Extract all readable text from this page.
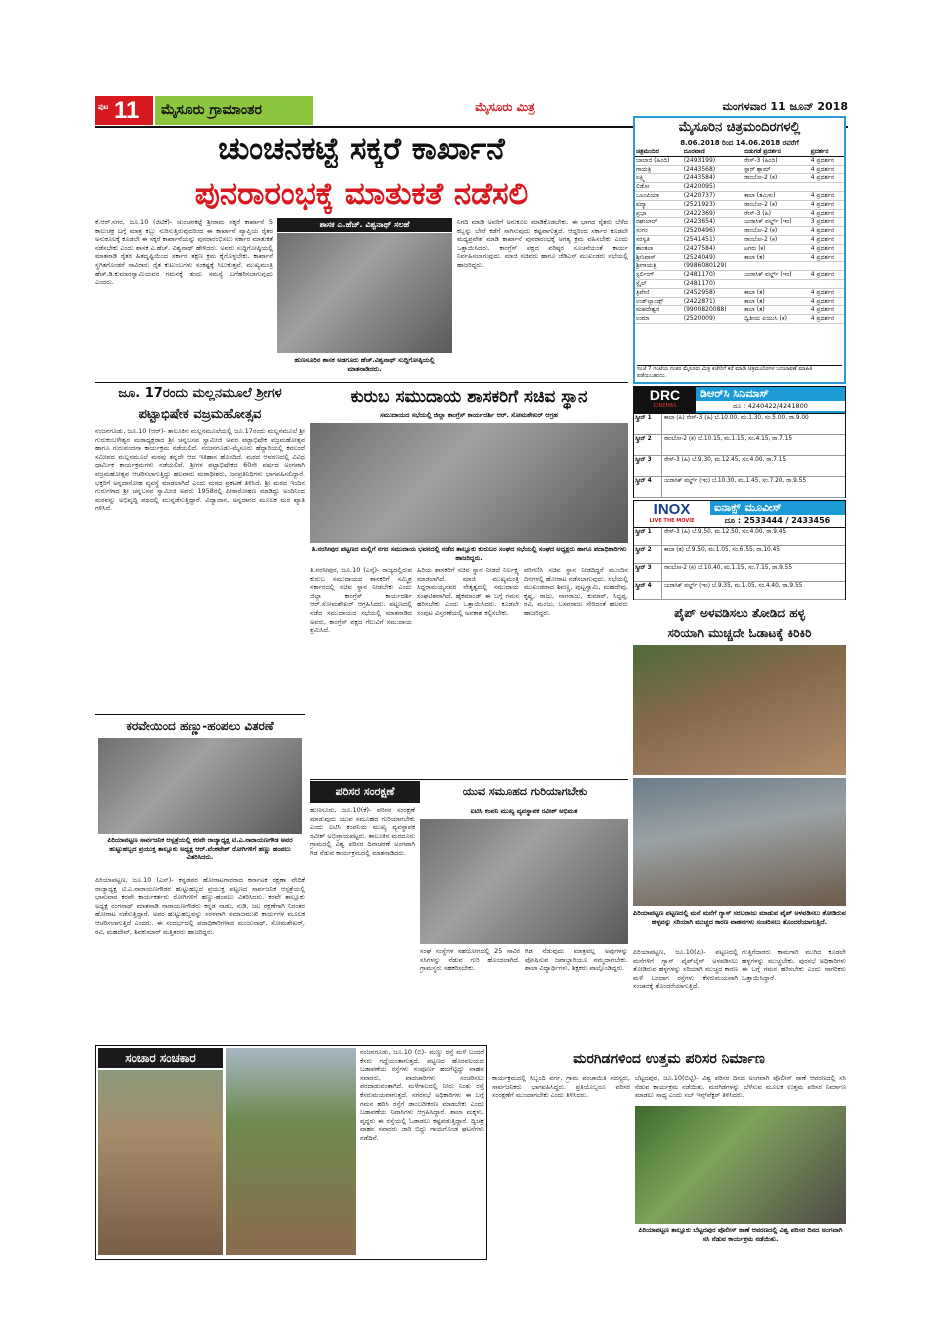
ಪುಟ 11	ಮೈಸೂರು ಗ್ರಾಮಾಂತರ	ಮೈಸೂರು ಮಿತ್ರ	ಮಂಗಳವಾರ 11 ಜೂನ್ 2018
ಚುಂಚನಕಟ್ಟೆ ಸಕ್ಕರೆ ಕಾರ್ಖಾನೆ
ಪುನರಾರಂಭಕ್ಕೆ ಮಾತುಕತೆ ನಡೆಸಲಿ
ಕೆ.ಆರ್.ನಗರ, ಜೂ.10 (ಜಿಟಿಕೆ)- ಚುಂಚನಕಟ್ಟೆ ಶ್ರೀರಾಮ ಸಕ್ಕರೆ ಕಾರ್ಖಾನೆ 5 ಕಾಲುಚಕ್ರ ಬಗ್ಗೆ ಮಾತ್ರ ಕಬ್ಬು ನುರಿಸುತ್ತಿರುವುದರಿಂದ ಈ ಕಾರ್ಖಾನೆ ವ್ಯಾಪ್ತಿಯ ರೈತರ ಅನುಕೂಲಕ್ಕೆ ಕೂಡಲೇ ಈ ಸಕ್ಕರೆ ಕಾರ್ಖಾನೆಯನ್ನು ಪುನರಾರಂಭಿಸಲು ಸರ್ಕಾರ ಮಾತುಕತೆ ನಡೆಸಬೇಕು ಎಂದು ಶಾಸಕ ಎ.ಹೆಚ್. ವಿಶ್ವನಾಥ್ ಹೇಳಿದರು. ಅವರು ಸುದ್ದಿಗೋಷ್ಠಿಯಲ್ಲಿ ಮಾತನಾಡಿ ರೈತರ ಹಿತದೃಷ್ಟಿಯಿಂದ ಸರ್ಕಾರ ತಕ್ಷಣ ಕ್ರಮ ಕೈಗೊಳ್ಳಬೇಕು. ಕಾರ್ಖಾನೆ ಸ್ಥಗಿತಗೊಂಡರೆ ಸಾವಿರಾರು ರೈತ ಕುಟುಂಬಗಳು ಸಂಕಷ್ಟಕ್ಕೆ ಸಿಲುಕುತ್ತವೆ. ಮುಖ್ಯಮಂತ್ರಿ ಹೆಚ್.ಡಿ.ಕುಮಾರಸ್ವಾಮಿಯವರ ಗಮನಕ್ಕೆ ತಂದು ಸಮಸ್ಯೆ ಬಗೆಹರಿಸಲಾಗುವುದು ಎಂದರು.
ಶಾಸಕ ಎ.ಹೆಚ್. ವಿಶ್ವನಾಥ್ ಸಲಹೆ
ಹುಣಸೂರಿನ ಶಾಸಕ ಅಡಗೂರು ಹೆಚ್.ವಿಶ್ವನಾಥ್ ಸುದ್ದಿಗೋಷ್ಠಿಯಲ್ಲಿ ಮಾತನಾಡಿದರು.
ನಿಗದಿ ಮಾಡಿ ಅವರಿಗೆ ಅನುಕೂಲ ಮಾಡಿಕೊಡಬೇಕು. ಈ ಭಾಗದ ರೈತರು ಬೆಳೆದ ಕಬ್ಬನ್ನು ಬೇರೆ ಕಡೆಗೆ ಸಾಗಿಸುವುದು ಕಷ್ಟವಾಗುತ್ತದೆ. ಆದ್ದರಿಂದ ಸರ್ಕಾರ ಕೂಡಲೇ ಮಧ್ಯಪ್ರವೇಶ ಮಾಡಿ ಕಾರ್ಖಾನೆ ಪುನರಾರಂಭಕ್ಕೆ ಅಗತ್ಯ ಕ್ರಮ ವಹಿಸಬೇಕು ಎಂದು ಒತ್ತಾಯಿಸಿದರು. ಕಾಂಗ್ರೆಸ್ ಪಕ್ಷದ ವರಿಷ್ಠರ ಸೂಚನೆಯಂತೆ ಕಾರ್ಯ ನಿರ್ವಹಿಸಲಾಗುವುದು. ಮಾಜಿ ಸಚಿವರು ಹಾಗೂ ಜೆಡಿಎಸ್ ಮುಖಂಡರು ಸಭೆಯಲ್ಲಿ ಹಾಜರಿದ್ದರು.
ಮೈಸೂರಿನ ಚಿತ್ರಮಂದಿರಗಳಲ್ಲಿ
8.06.2018 ರಿಂದ 14.06.2018 ರವರೆಗೆ
ಚಿತ್ರಮಂದಿರ	ದೂರವಾಣಿ	ಬಿಡುಗಡೆ ಪ್ರದರ್ಶನ	ಪ್ರದರ್ಶನ
ಬಾಲಾಜಿ (ಹಿಂದಿ)	(2493199)	ರೇಸ್-3 (ಹಿಂದಿ)	4 ಪ್ರದರ್ಶನ
ಗಾಯತ್ರಿ	(2443568)	ಸ್ಟಾರ್ ಶ್ಯಾಮ್	4 ಪ್ರದರ್ಶನ
ಲಕ್ಷ್ಮಿ	(2443584)	ರಾಂಬೋ-2 (ಕ)	4 ಪ್ರದರ್ಶನ
ಲಿಡೋ	(2420095)		
ಒಲಂಪಿಯಾ	(2420737)	ಕಾಲಾ (ತಮಿಳು)	4 ಪ್ರದರ್ಶನ
ಪದ್ಮಾ	(2521923)	ರಾಂಬೋ-2 (ಕ)	4 ಪ್ರದರ್ಶನ
ಪ್ರಭಾ	(2422369)	ರೇಸ್-3 (ಹಿ)	4 ಪ್ರದರ್ಶನ
ರಘುಲಾಲ್	(2423654)	ಜುರಾಸಿಕ್ ವರ್ಲ್ಡ್ (ಇಂ)	3 ಪ್ರದರ್ಶನ
ಸಂಗಂ	(2520496)	ರಾಂಬೋ-2 (ಕ)	4 ಪ್ರದರ್ಶನ
ಸರಸ್ವತಿ	(2541451)	ರಾಂಬೋ-2 (ಕ)	4 ಪ್ರದರ್ಶನ
ಶಾಂತಲಾ	(2427584)	ಟಗರು (ಕ)	4 ಪ್ರದರ್ಶನ
ಶ್ರೀನಿವಾಸ್	(2524049)	ಕಾಲಾ (ತ)	4 ಪ್ರದರ್ಶನ
ಶ್ರೀಗಾಯತ್ರಿ	(9986080129)		
ಸ್ಟರ್ಲಿಂಗ್	(2481170)	ಜುರಾಸಿಕ್ ವರ್ಲ್ಡ್ (ಇಂ)	4 ಪ್ರದರ್ಶನ
ಸ್ಟೈಲ್	(2481170)		
ತ್ರಿವೇಣಿ	(2452958)	ಕಾಲಾ (ತ)	4 ಪ್ರದರ್ಶನ
ಉಡ್‌ಲ್ಯಾಂಡ್ಸ್	(2422871)	ಕಾಲಾ (ತ)	4 ಪ್ರದರ್ಶನ
ಮಹದೇಶ್ವರ	(9900820088)	ಕಾಲಾ (ತ)	4 ಪ್ರದರ್ಶನ
ಉಮಾ	(2520009)	ದ್ವಿತೀಯ ಪಿಯುಸಿ (ಕ)	4 ಪ್ರದರ್ಶನ
ಸಂಜೆ 7 ಗಂಟೆಯ ನಂತರ ಮೈಸೂರು ಮಿತ್ರ ಕಚೇರಿಗೆ ಕರೆ ಮಾಡಿ ಚಿತ್ರಮಂದಿರಗಳ ಬದಲಾವಣೆ ಮಾಹಿತಿ ಪಡೆಯಬಹುದು.
DRC
CINEMAS
ಡಿಆರ್‌ಸಿ ಸಿನಿಮಾಸ್
ದೂ : 4240422/4241800
ಸ್ಕ್ರೀನ್ 1	ಕಾಲಾ (ಹಿ) ರೇಸ್-3 (ಹಿ) ಬೆ.10.00, ಮ.1.30, ಸಂ.5.00, ರಾ.9.00
ಸ್ಕ್ರೀನ್ 2	ರಾಂಬೋ-2 (ಕ) ಬೆ.10.15, ಮ.1.15, ಸಂ.4.15, ರಾ.7.15
ಸ್ಕ್ರೀನ್ 3	ರೇಸ್-3 (ಹಿ) ಬೆ.9.30, ಮ.12.45, ಸಂ.4.00, ರಾ.7.15
ಸ್ಕ್ರೀನ್ 4	ಜುರಾಸಿಕ್ ವರ್ಲ್ಡ್ (ಇಂ) ಬೆ.10.30, ಮ.1.45, ಸಂ.7.20, ರಾ.9.55
INOX
LIVE THE MOVIE
ಐನಾಕ್ಸ್ ಮೂವೀಸ್
ದೂ : 2533444 / 2433456
ಸ್ಕ್ರೀನ್ 1	ರೇಸ್-3 (ಹಿ) ಬೆ.9.50, ಮ.12.50, ಸಂ.4.00, ರಾ.9.45
ಸ್ಕ್ರೀನ್ 2	ಕಾಲಾ (ತ) ಬೆ.9.50, ಮ.1.05, ಸಂ.6.55, ರಾ.10.45
ಸ್ಕ್ರೀನ್ 3	ರಾಂಬೋ-2 (ಕ) ಬೆ.10.40, ಮ.1.15, ಸಂ.7.15, ರಾ.9.55
ಸ್ಕ್ರೀನ್ 4	ಜುರಾಸಿಕ್ ವರ್ಲ್ಡ್ (ಇಂ) ಬೆ.9.35, ಮ.1.05, ಸಂ.4.40, ರಾ.9.55
ಜೂ. 17ರಂದು ಮಲ್ಲನಮೂಲೆ ಶ್ರೀಗಳ
ಪಟ್ಟಾಭಿಷೇಕ ವಜ್ರಮಹೋತ್ಸವ
ನಂಜನಗೂಡು, ಜೂ.10 (ಆರ್)- ತಾಲೂಕಿನ ಮಲ್ಲನಮೂಲೆಯಲ್ಲಿ ಜೂ.17ರಂದು ಮಲ್ಲನಮೂಲೆ ಶ್ರೀ ಗುರುಕಂಬಳೇಶ್ವರ ಮಠಾಧ್ಯಕ್ಷರಾದ ಶ್ರೀ ಚನ್ನಬಸವ ಸ್ವಾಮೀಜಿ ಅವರ ಪಟ್ಟಾಭಿಷೇಕ ವಜ್ರಮಹೋತ್ಸವ ಹಾಗೂ ಗುರುವಂದನಾ ಕಾರ್ಯಕ್ರಮ ನಡೆಯಲಿದೆ. ನಂಜನಗೂಡು-ಮೈಸೂರು ಹೆದ್ದಾರಿಯಲ್ಲಿ ಕವಲಂದೆ ಸಮೀಪದ ಮಲ್ಲನಮೂಲೆ ಮಠವು ತನ್ನದೇ ಆದ ಇತಿಹಾಸ ಹೊಂದಿದೆ. ಮಠದ ಆವರಣದಲ್ಲಿ ವಿವಿಧ ಧಾರ್ಮಿಕ ಕಾರ್ಯಕ್ರಮಗಳು ನಡೆಯಲಿವೆ. ಶ್ರೀಗಳ ಪಟ್ಟಾಭಿಷೇಕದ 60ನೇ ವರ್ಷದ ಅಂಗವಾಗಿ ವಜ್ರಮಹೋತ್ಸವ ಆಚರಿಸಲಾಗುತ್ತಿದ್ದು ಹಲವಾರು ಮಠಾಧೀಶರು, ಜನಪ್ರತಿನಿಧಿಗಳು ಭಾಗವಹಿಸಲಿದ್ದಾರೆ. ಭಕ್ತರಿಗೆ ಅನ್ನದಾಸೋಹ ವ್ಯವಸ್ಥೆ ಮಾಡಲಾಗಿದೆ ಎಂದು ಮಠದ ಪ್ರಕಟಣೆ ತಿಳಿಸಿದೆ. ಶ್ರೀ ಮಠದ ಇಂದಿನ ಗುರುಗಳಾದ ಶ್ರೀ ಚನ್ನಬಸವ ಸ್ವಾಮೀಜಿ ಅವರು 1958ರಲ್ಲಿ ಪೀಠಾರೋಹಣ ಮಾಡಿದ್ದು ಅಂದಿನಿಂದ ಮಠವನ್ನು ಅಭಿವೃದ್ಧಿ ಪಥದಲ್ಲಿ ಮುನ್ನಡೆಸುತ್ತಿದ್ದಾರೆ. ವಿದ್ಯಾದಾನ, ಅನ್ನದಾನದ ಮೂಲಕ ಮಠ ಖ್ಯಾತಿ ಗಳಿಸಿದೆ.
ಕರವೇಯಿಂದ ಹಣ್ಣು-ಹಂಪಲು ವಿತರಣೆ
ಪಿರಿಯಾಪಟ್ಟಣ ಸಾರ್ವಜನಿಕ ಆಸ್ಪತ್ರೆಯಲ್ಲಿ ಕರವೇ ರಾಜ್ಯಾಧ್ಯಕ್ಷ ಟಿ.ಎ.ನಾರಾಯಣಗೌಡ ಅವರ ಹುಟ್ಟುಹಬ್ಬದ ಪ್ರಯುಕ್ತ ತಾಲ್ಲೂಕು ಅಧ್ಯಕ್ಷ ಆರ್.ವೆಂಕಟೇಶ್ ರೋಗಿಗಳಿಗೆ ಹಣ್ಣು ಹಂಪಲು ವಿತರಿಸಿದರು.
ಪಿರಿಯಾಪಟ್ಟಣ, ಜೂ.10 (ಎಸ್)- ಕನ್ನಡಪರ ಹೋರಾಟಗಾರರಾದ ಕರ್ನಾಟಕ ರಕ್ಷಣಾ ವೇದಿಕೆ ರಾಜ್ಯಾಧ್ಯಕ್ಷ ಟಿ.ಎ.ನಾರಾಯಣಗೌಡರ ಹುಟ್ಟುಹಬ್ಬದ ಪ್ರಯುಕ್ತ ಪಟ್ಟಣದ ಸಾರ್ವಜನಿಕ ಆಸ್ಪತ್ರೆಯಲ್ಲಿ ಭಾನುವಾರ ಕರವೇ ಕಾರ್ಯಕರ್ತರು ರೋಗಿಗಳಿಗೆ ಹಣ್ಣು-ಹಂಪಲು ವಿತರಿಸಿದರು. ಕರವೇ ತಾಲ್ಲೂಕು ಅಧ್ಯಕ್ಷ ರಂಗನಾಥ್ ಮಾತನಾಡಿ ನಾರಾಯಣಗೌಡರು ಕನ್ನಡ ನಾಡು, ನುಡಿ, ಜಲ ರಕ್ಷಣೆಗಾಗಿ ನಿರಂತರ ಹೋರಾಟ ನಡೆಸುತ್ತಿದ್ದಾರೆ. ಅವರ ಹುಟ್ಟುಹಬ್ಬವನ್ನು ಸರಳವಾಗಿ ಸಮಾಜಮುಖಿ ಕಾರ್ಯಗಳ ಮೂಲಕ ಆಚರಿಸಲಾಗುತ್ತಿದೆ ಎಂದರು. ಈ ಸಂದರ್ಭದಲ್ಲಿ ಪದಾಧಿಕಾರಿಗಳಾದ ಮಂಜುನಾಥ್, ಸೋಮಶೇಖರ್, ರವಿ, ಮಹದೇವ್, ಶಿವಕುಮಾರ್ ಮತ್ತಿತರರು ಹಾಜರಿದ್ದರು.
ಕುರುಬ ಸಮುದಾಯ ಶಾಸಕರಿಗೆ ಸಚಿವ ಸ್ಥಾನ
ಸಮುದಾಯದ ಸಭೆಯಲ್ಲಿ ಜಿಲ್ಲಾ ಕಾಂಗ್ರೆಸ್ ಕಾರ್ಯದರ್ಶಿ ಆರ್. ಸೋಮಶೇಖರ್ ಆಗ್ರಹ
ತಿ.ನರಸೀಪುರ ಪಟ್ಟಣದ ಮಲ್ಲಿಗೆ ನಗರ ಸಮುದಾಯ ಭವನದಲ್ಲಿ ನಡೆದ ತಾಲ್ಲೂಕು ಕುರುಬರ ಸಂಘದ ಸಭೆಯಲ್ಲಿ ಸಂಘದ ಅಧ್ಯಕ್ಷರು ಹಾಗೂ ಪದಾಧಿಕಾರಿಗಳು ಹಾಜರಿದ್ದರು.
ತಿ.ನರಸೀಪುರ, ಜೂ.10 (ಎನ್ಕೆ)- ರಾಜ್ಯದಲ್ಲಿರುವ ಕುರುಬ ಸಮುದಾಯದ ಶಾಸಕರಿಗೆ ಸಮ್ಮಿಶ್ರ ಸರ್ಕಾರದಲ್ಲಿ ಸಚಿವ ಸ್ಥಾನ ನೀಡಬೇಕು ಎಂದು ಜಿಲ್ಲಾ ಕಾಂಗ್ರೆಸ್ ಕಾರ್ಯದರ್ಶಿ ಆರ್.ಸೋಮಶೇಖರ್ ಆಗ್ರಹಿಸಿದರು. ಪಟ್ಟಣದಲ್ಲಿ ನಡೆದ ಸಮುದಾಯದ ಸಭೆಯಲ್ಲಿ ಮಾತನಾಡಿದ ಅವರು, ಕಾಂಗ್ರೆಸ್ ಪಕ್ಷದ ಗೆಲುವಿಗೆ ಸಮುದಾಯ ಶ್ರಮಿಸಿದೆ.
ಹಿರಿಯ ಶಾಸಕರಿಗೆ ಸಚಿವ ಸ್ಥಾನ ನೀಡದೆ ನಿರ್ಲಕ್ಷ್ಯ ಮಾಡಲಾಗಿದೆ. ಮಾಜಿ ಮುಖ್ಯಮಂತ್ರಿ ಸಿದ್ದರಾಮಯ್ಯನವರ ನೇತೃತ್ವದಲ್ಲಿ ಸಮುದಾಯ ಸಂಘಟಿತವಾಗಿದೆ. ಹೈಕಮಾಂಡ್ ಈ ಬಗ್ಗೆ ಗಮನ ಹರಿಸಬೇಕು ಎಂದು ಒತ್ತಾಯಿಸಿದರು. ಕೂಡಲೇ ಸಂಪುಟ ವಿಸ್ತರಣೆಯಲ್ಲಿ ಅವಕಾಶ ಕಲ್ಪಿಸಬೇಕು.
ಪರಿಗಣಿಸಿ ಸಚಿವ ಸ್ಥಾನ ನೀಡದಿದ್ದರೆ ಮುಂದಿನ ದಿನಗಳಲ್ಲಿ ಹೋರಾಟ ನಡೆಸಲಾಗುವುದು. ಸಭೆಯಲ್ಲಿ ಮುಖಂಡರಾದ ಶಿವಣ್ಣ, ಪುಟ್ಟಸ್ವಾಮಿ, ಮಹದೇವು, ಕೃಷ್ಣ, ರಾಜು, ನಾಗರಾಜು, ಕುಮಾರ್, ಸಿದ್ದಪ್ಪ, ರವಿ, ಮಂಜು, ಬಸವರಾಜು ಸೇರಿದಂತೆ ಹಲವರು ಹಾಜರಿದ್ದರು.
ಪರಿಸರ ಸಂರಕ್ಷಣೆ	ಯುವ ಸಮೂಹದ ಗುರಿಯಾಗಬೇಕು
ಹುಣಸೂರು, ಜೂ.10(ಕೆ)- ಪರಿಸರ ಸಂರಕ್ಷಣೆ ಮಾಡುವುದು ಯುವ ಸಮೂಹದ ಗುರಿಯಾಗಬೇಕು ಎಂದು ಐಟಿಸಿ ಕಂಪನಿಯ ಮುಖ್ಯ ವ್ಯವಸ್ಥಾಪಕ ರವೀಶ್ ಅಭಿಪ್ರಾಯಪಟ್ಟರು. ತಾಲೂಕಿನ ಮರದೂರು ಗ್ರಾಮದಲ್ಲಿ ವಿಶ್ವ ಪರಿಸರ ದಿನಾಚರಣೆ ಅಂಗವಾಗಿ ಗಿಡ ನೆಡುವ ಕಾರ್ಯಕ್ರಮದಲ್ಲಿ ಮಾತನಾಡಿದರು.
ಐಟಿಸಿ ಕಂಪನಿ ಮುಖ್ಯ ವ್ಯವಸ್ಥಾಪಕ ರವೀಶ್ ಅಭಿಮತ
ಸಂಘ ಸಂಸ್ಥೆಗಳ ಸಹಯೋಗದಲ್ಲಿ 25 ಸಾವಿರ ಸಸಿಗಳನ್ನು ನೆಡುವ ಗುರಿ ಹೊಂದಲಾಗಿದೆ. ಗ್ರಾಮಸ್ಥರು ಸಹಕರಿಸಬೇಕು.
ಗಿಡ ನೆಡುವುದು ಮಾತ್ರವಲ್ಲ ಅವುಗಳನ್ನು ಪೋಷಿಸುವ ಜವಾಬ್ದಾರಿಯೂ ನಮ್ಮದಾಗಬೇಕು. ಶಾಲಾ ವಿದ್ಯಾರ್ಥಿಗಳು, ಶಿಕ್ಷಕರು ಪಾಲ್ಗೊಂಡಿದ್ದರು.
ಪೈಪ್ ಅಳವಡಿಸಲು ತೋಡಿದ ಹಳ್ಳ
ಸರಿಯಾಗಿ ಮುಚ್ಚದೇ ಓಡಾಟಕ್ಕೆ ಕಿರಿಕಿರಿ
ಪಿರಿಯಾಪಟ್ಟಣ ಪಟ್ಟಣದಲ್ಲಿ ಮನೆ ಮನೆಗೆ ಗ್ಯಾಸ್ ಸರಬರಾಜು ಮಾಡುವ ಪೈಪ್ ಅಳವಡಿಸಲು ತೋಡಿರುವ ಹಳ್ಳವನ್ನು ಸರಿಯಾಗಿ ಮುಚ್ಚದ ಕಾರಣ ವಾಹನಗಳು ಸಂಚರಿಸಲು ತೊಂದರೆಯಾಗುತ್ತಿದೆ.
ಪಿರಿಯಾಪಟ್ಟಣ, ಜೂ.10(ಪಿ)- ಪಟ್ಟಣದಲ್ಲಿ ಮನೆಗಳಿಗೆ ಗ್ಯಾಸ್ ಪೈಪ್‌ಲೈನ್ ಅಳವಡಿಸಲು ತೋಡಿರುವ ಹಳ್ಳಗಳನ್ನು ಸರಿಯಾಗಿ ಮುಚ್ಚದ ಕಾರಣ ಮಳೆ ಬಂದಾಗ ರಸ್ತೆಗಳು ಕೆಸರುಮಯವಾಗಿ ಸಂಚಾರಕ್ಕೆ ತೊಂದರೆಯಾಗುತ್ತಿದೆ.
ಗುತ್ತಿಗೆದಾರರು ಕಾಮಗಾರಿ ಮುಗಿದ ಕೂಡಲೇ ಹಳ್ಳಗಳನ್ನು ಮುಚ್ಚಬೇಕು. ಪುರಸಭೆ ಅಧಿಕಾರಿಗಳು ಈ ಬಗ್ಗೆ ಗಮನ ಹರಿಸಬೇಕು ಎಂದು ನಾಗರಿಕರು ಒತ್ತಾಯಿಸಿದ್ದಾರೆ.
ಸಂಚಾರ ಸಂಚಕಾರ	ನಂಜನಗೂಡು, ಜೂ.10 (ಬಿ)- ಮಣ್ಣು ರಸ್ತೆ ಮಳೆ ಬಂದರೆ ಕೆಸರು ಗದ್ದೆಯಂತಾಗುತ್ತದೆ. ಪಟ್ಟಣದ ಹೊರವಲಯದ ಬಡಾವಣೆಯ ರಸ್ತೆಗಳು ಸಂಪೂರ್ಣ ಹದಗೆಟ್ಟಿದ್ದು ವಾಹನ ಸವಾರರು, ಪಾದಚಾರಿಗಳು ಸಂಚರಿಸಲು ಪರದಾಡುವಂತಾಗಿದೆ. ಮಳೆಗಾಲದಲ್ಲಿ ನೀರು ನಿಂತು ರಸ್ತೆ ಕೆಸರುಮಯವಾಗುತ್ತದೆ. ನಗರಸಭೆ ಅಧಿಕಾರಿಗಳು ಈ ಬಗ್ಗೆ ಗಮನ ಹರಿಸಿ ರಸ್ತೆಗೆ ಡಾಂಬರೀಕರಣ ಮಾಡಬೇಕು ಎಂದು ಬಡಾವಣೆಯ ನಿವಾಸಿಗಳು ಆಗ್ರಹಿಸಿದ್ದಾರೆ. ಶಾಲಾ ಮಕ್ಕಳು, ವೃದ್ಧರು ಈ ರಸ್ತೆಯಲ್ಲಿ ಓಡಾಡಲು ಕಷ್ಟಪಡುತ್ತಿದ್ದಾರೆ. ದ್ವಿಚಕ್ರ ವಾಹನ ಸವಾರರು ಜಾರಿ ಬಿದ್ದು ಗಾಯಗೊಂಡ ಘಟನೆಗಳು ನಡೆದಿವೆ.
ಮರಗಿಡಗಳಿಂದ ಉತ್ತಮ ಪರಿಸರ ನಿರ್ಮಾಣ
ಬೆಟ್ಟದಪುರ, ಜೂ.10(ಬಿಟ್ಟಿ)- ವಿಶ್ವ ಪರಿಸರ ದಿನದ ಅಂಗವಾಗಿ ಪೊಲೀಸ್ ಠಾಣೆ ಆವರಣದಲ್ಲಿ ಸಸಿ ನೆಡುವ ಕಾರ್ಯಕ್ರಮ ನಡೆಯಿತು. ಮರಗಿಡಗಳನ್ನು ಬೆಳೆಸುವ ಮೂಲಕ ಉತ್ತಮ ಪರಿಸರ ನಿರ್ಮಾಣ ಮಾಡಲು ಸಾಧ್ಯ ಎಂದು ಸಬ್ ಇನ್ಸ್‌ಪೆಕ್ಟರ್ ತಿಳಿಸಿದರು.
ಪಿರಿಯಾಪಟ್ಟಣ ತಾಲ್ಲೂಕು ಬೆಟ್ಟದಪುರ ಪೊಲೀಸ್ ಠಾಣೆ ಆವರಣದಲ್ಲಿ ವಿಶ್ವ ಪರಿಸರ ದಿನದ ಅಂಗವಾಗಿ ಸಸಿ ನೆಡುವ ಕಾರ್ಯಕ್ರಮ ನಡೆಯಿತು.
ಕಾರ್ಯಕ್ರಮದಲ್ಲಿ ಸಿಬ್ಬಂದಿ ವರ್ಗ, ಗ್ರಾಮ ಪಂಚಾಯಿತಿ ಸದಸ್ಯರು, ಸಾರ್ವಜನಿಕರು ಭಾಗವಹಿಸಿದ್ದರು. ಪ್ರತಿಯೊಬ್ಬರೂ ಪರಿಸರ ಸಂರಕ್ಷಣೆಗೆ ಮುಂದಾಗಬೇಕು ಎಂದು ತಿಳಿಸಿದರು.
